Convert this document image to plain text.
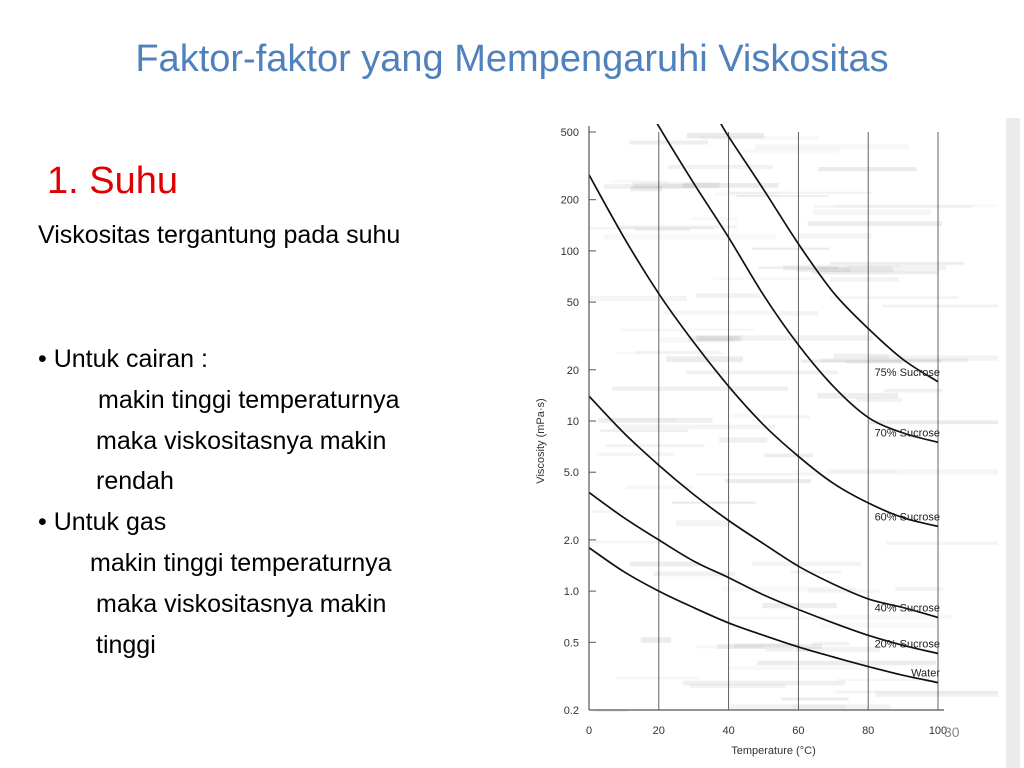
Faktor-faktor yang Mempengaruhi Viskositas
1. Suhu
Viskositas tergantung pada suhu
• Untuk cairan :
makin tinggi temperaturnya
maka viskositasnya makin
rendah
• Untuk gas
makin tinggi temperaturnya
maka viskositasnya makin
tinggi
0	20	40	60	80	100
0.2
0.5
1.0
2.0
5.0
10
20
50
100
200
500
Viscosity (mPa·s)
Temperature (°C)
75% Sucrose
70% Sucrose
60% Sucrose
40% Sucrose
20% Sucrose
Water
30
